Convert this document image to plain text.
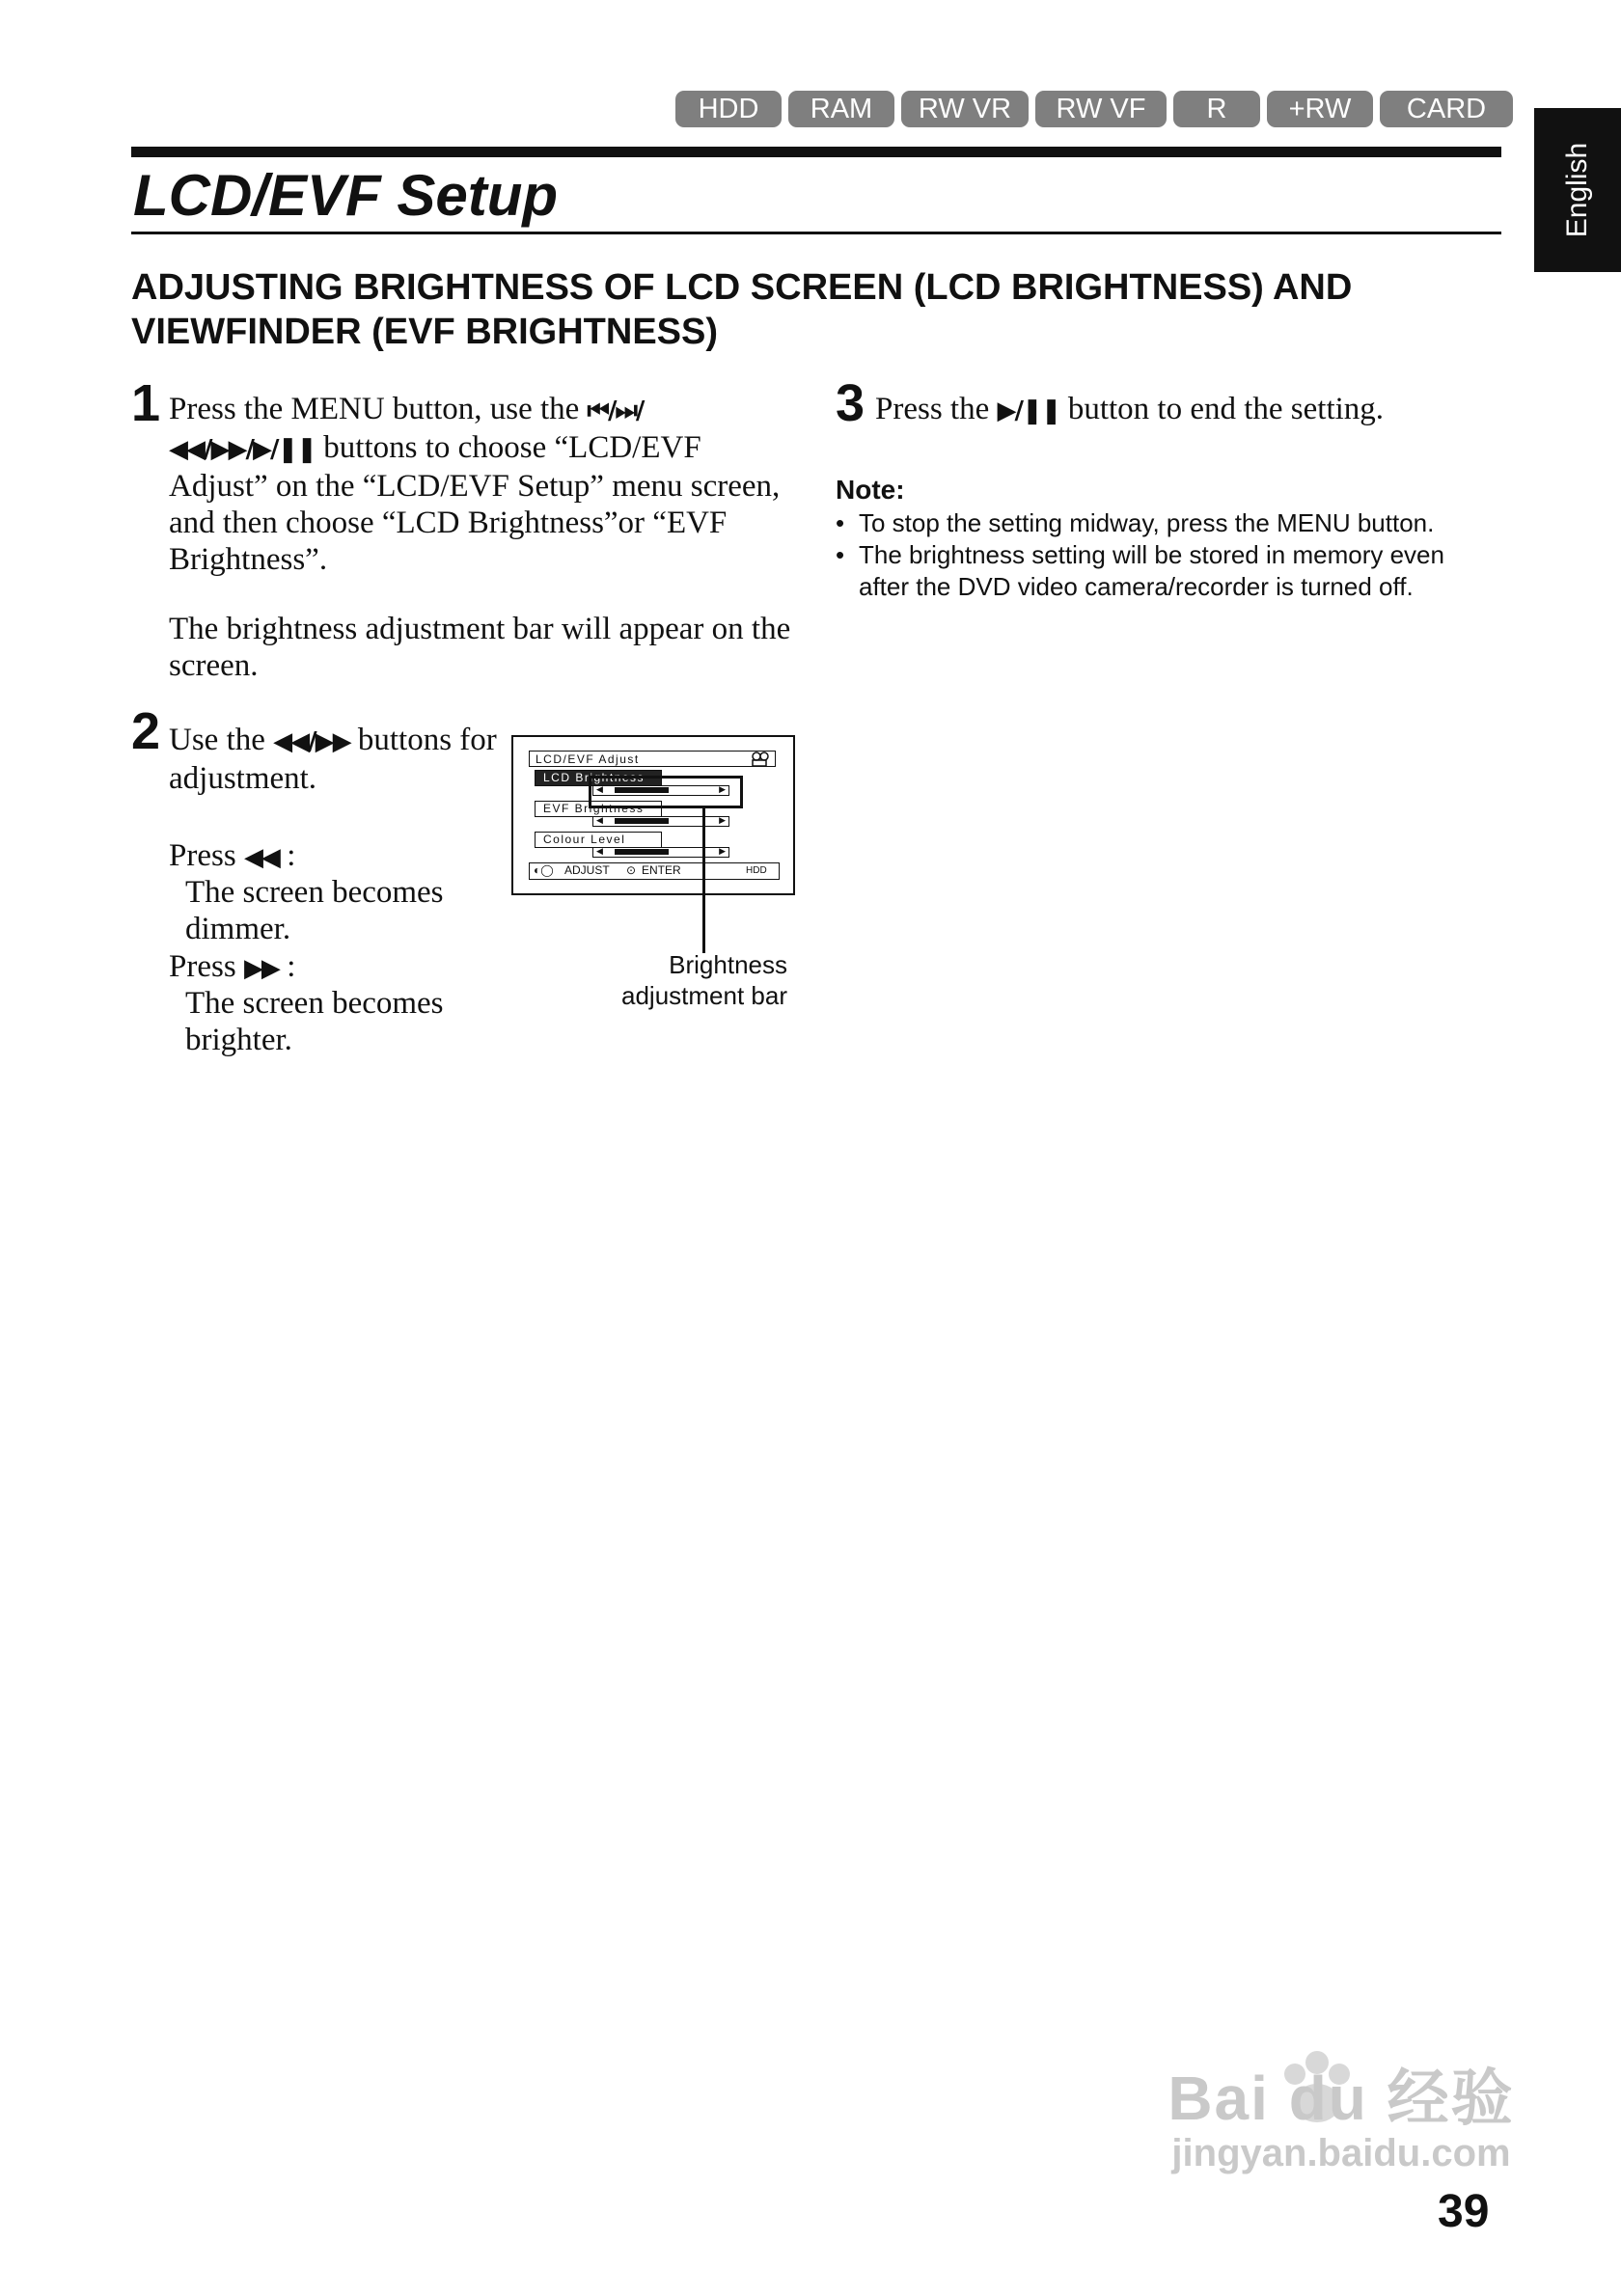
HDD	RAM	RW VR	RW VF	R	+RW	CARD
LCD/EVF Setup	English
ADJUSTING BRIGHTNESS OF LCD SCREEN (LCD BRIGHTNESS) AND VIEWFINDER (EVF BRIGHTNESS)
1 Press the MENU button, use the ⏮/⏭/
◀◀/▶▶/▶/❚❚ buttons to choose “LCD/EVF Adjust” on the “LCD/EVF Setup” menu screen, and then choose “LCD Brightness”or “EVF Brightness”.
The brightness adjustment bar will appear on the screen.
2 Use the ◀◀/▶▶ buttons for adjustment.
Press ◀◀ :
The screen becomes dimmer.
Press ▶▶ :
The screen becomes brighter.
LCD/EVF Adjust
LCD Brightness
◀	▶
EVF Brightness
◀	▶
Colour Level
◀	▶
◐◯ ADJUST ⊙ ENTER	HDD
Brightness adjustment bar
3 Press the ▶/❚❚ button to end the setting.
Note:
• To stop the setting midway, press the MENU button.
• The brightness setting will be stored in memory even after the DVD video camera/recorder is turned off.
Bai du 经验
jingyan.baidu.com
39
